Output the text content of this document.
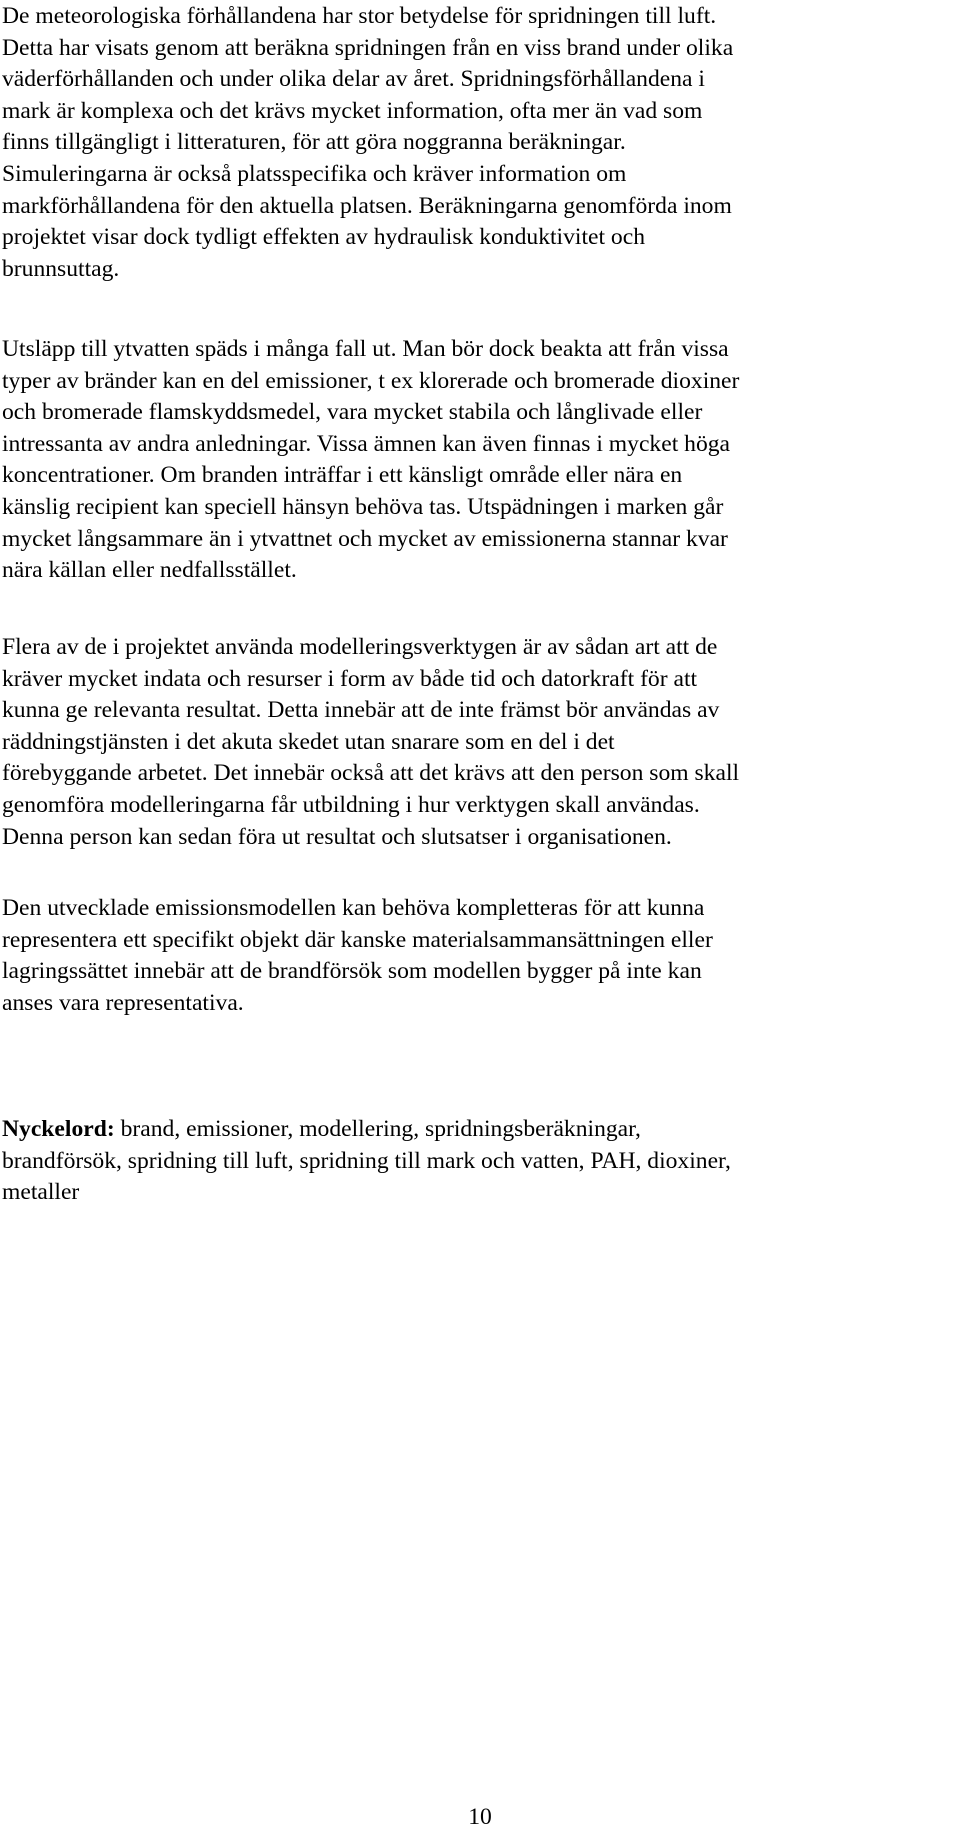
De meteorologiska förhållandena har stor betydelse för spridningen till luft.
Detta har visats genom att beräkna spridningen från en viss brand under olika
väderförhållanden och under olika delar av året. Spridningsförhållandena i
mark är komplexa och det krävs mycket information, ofta mer än vad som
finns tillgängligt i litteraturen, för att göra noggranna beräkningar.
Simuleringarna är också platsspecifika och kräver information om
markförhållandena för den aktuella platsen. Beräkningarna genomförda inom
projektet visar dock tydligt effekten av hydraulisk konduktivitet och
brunnsuttag.

Utsläpp till ytvatten späds i många fall ut. Man bör dock beakta att från vissa
typer av bränder kan en del emissioner, t ex klorerade och bromerade dioxiner
och bromerade flamskyddsmedel, vara mycket stabila och långlivade eller
intressanta av andra anledningar. Vissa ämnen kan även finnas i mycket höga
koncentrationer. Om branden inträffar i ett känsligt område eller nära en
känslig recipient kan speciell hänsyn behöva tas. Utspädningen i marken går
mycket långsammare än i ytvattnet och mycket av emissionerna stannar kvar
nära källan eller nedfallsstället.

Flera av de i projektet använda modelleringsverktygen är av sådan art att de
kräver mycket indata och resurser i form av både tid och datorkraft för att
kunna ge relevanta resultat. Detta innebär att de inte främst bör användas av
räddningstjänsten i det akuta skedet utan snarare som en del i det
förebyggande arbetet. Det innebär också att det krävs att den person som skall
genomföra modelleringarna får utbildning i hur verktygen skall användas.
Denna person kan sedan föra ut resultat och slutsatser i organisationen.

Den utvecklade emissionsmodellen kan behöva kompletteras för att kunna
representera ett specifikt objekt där kanske materialsammansättningen eller
lagringssättet innebär att de brandförsök som modellen bygger på inte kan
anses vara representativa.

Nyckelord: brand, emissioner, modellering, spridningsberäkningar,
brandförsök, spridning till luft, spridning till mark och vatten, PAH, dioxiner,
metaller

10
